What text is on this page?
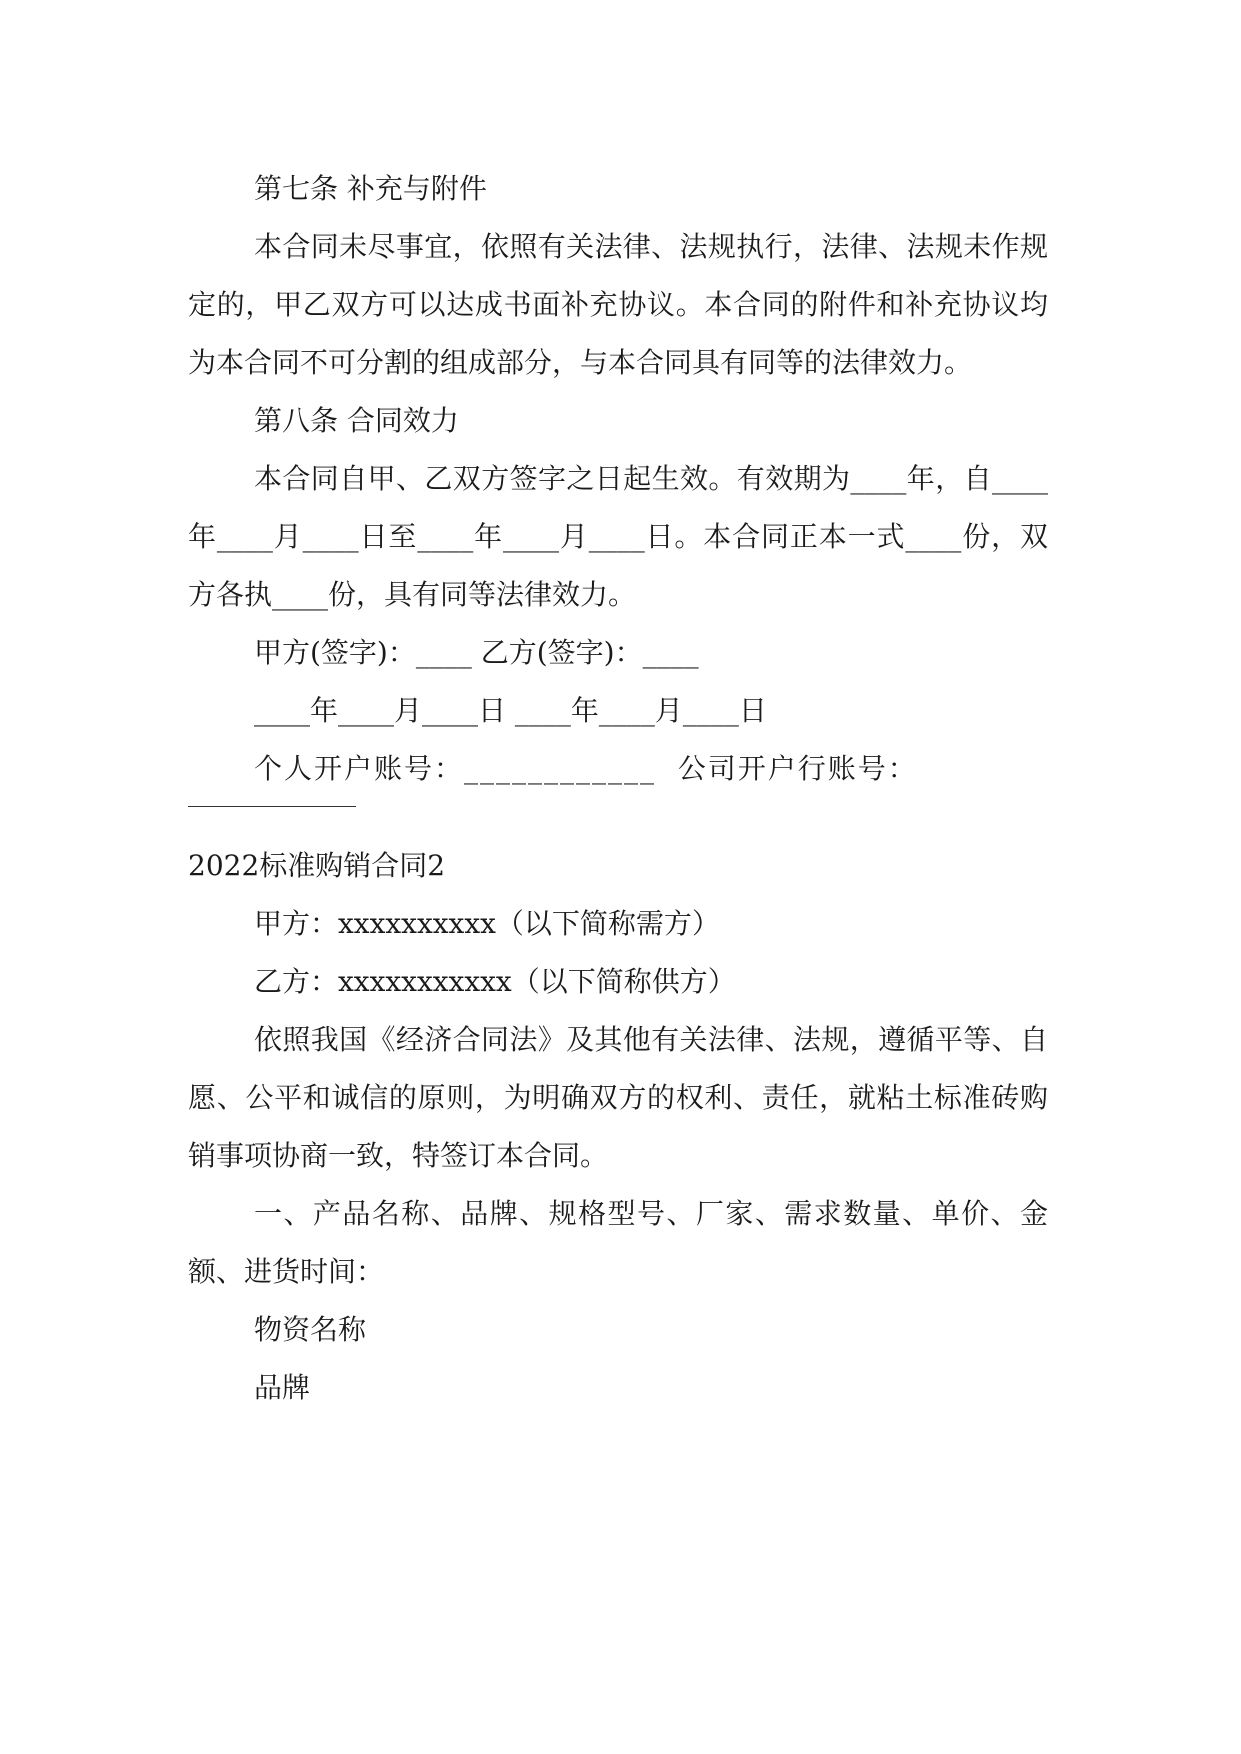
第七条 补充与附件

本合同未尽事宜，依照有关法律、法规执行，法律、法规未作规定的，甲乙双方可以达成书面补充协议。本合同的附件和补充协议均为本合同不可分割的组成部分，与本合同具有同等的法律效力。

第八条 合同效力

本合同自甲、乙双方签字之日起生效。有效期为____年，自____年____月____日至____年____月____日。本合同正本一式____份，双方各执____份，具有同等法律效力。

甲方(签字)：____ 乙方(签字)：____

____年____月____日 ____年____月____日

个人开户账号：____________  公司开户行账号：

2022标准购销合同2

甲方：xxxxxxxxxx（以下简称需方）

乙方：xxxxxxxxxxx（以下简称供方）

依照我国《经济合同法》及其他有关法律、法规，遵循平等、自愿、公平和诚信的原则，为明确双方的权利、责任，就粘土标准砖购销事项协商一致，特签订本合同。

一、产品名称、品牌、规格型号、厂家、需求数量、单价、金额、进货时间：

物资名称

品牌
